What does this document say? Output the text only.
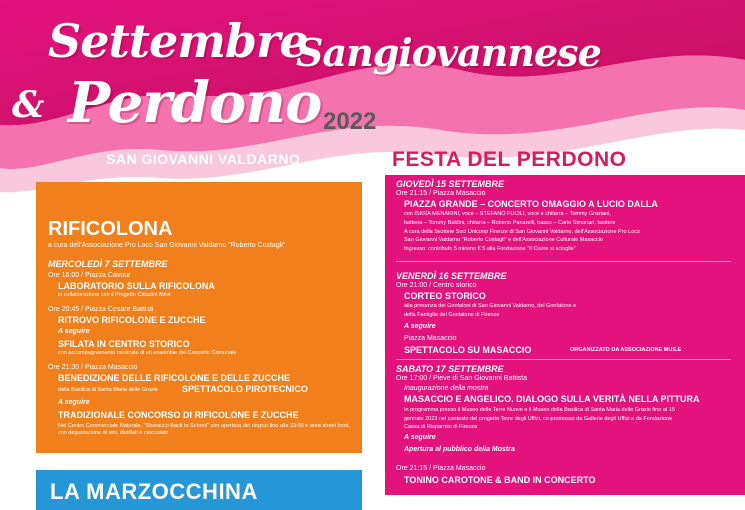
Settembre
Sangiovannese
& Perdono 2022
SAN GIOVANNI VALDARNO
RIFICOLONA
a cura dell'Associazione Pro Loco San Giovanni Valdarno "Roberto Costagli"
MERCOLEDÌ 7 SETTEMBRE
Ore 16:00 / Piazza Cavour
LABORATORIO SULLA RIFICOLONA
in collaborazione con il Progetto Cittadini Attivi
Ore 20:45 / Piazza Cesare Battisti
RITROVO RIFICOLONE E ZUCCHE
A seguire
SFILATA IN CENTRO STORICO
con accompagnamento musicale di un ensemble del Concerto Comunale
Ore 21:30 / Piazza Masaccio
BENEDIZIONE DELLE RIFICOLONE E DELLE ZUCCHE
dalla Basilica di Santa Maria delle Grazie	SPETTACOLO PIROTECNICO
A seguire
TRADIZIONALE CONCORSO DI RIFICOLONE E ZUCCHE
Nel Centro Commerciale Naturale, "Sbaracco Back to School" con apertura dei negozi fino alle 23:00 e area street food, con degustazione di vini, distillati e cioccolato
LA MARZOCCHINA
FESTA DEL PERDONO
GIOVEDÌ 15 SETTEMBRE
Ore 21:15 / Piazza Masaccio
PIAZZA GRANDE – CONCERTO OMAGGIO A LUCIO DALLA
con ISKRA MENARINI, voce – STEFANO FUCILI, voce e chitarra – Tommy Graziani,
batteria – Tommy Baldini, chitarra – Roberto Panarelli, basso – Carlo Simonari, tastiere
A cura della Sezione Soci Unicoop Firenze di San Giovanni Valdarno, dell'Associazione Pro Loco
San Giovanni Valdarno "Roberto Costagli" e dell'Associazione Culturale Masaccio
Ingresso: contributo 5 minimo € 5 alla Fondazione "Il Cuore si scioglie"
VENERDÌ 16 SETTEMBRE
Ore 21:00 / Centro storico
CORTEO STORICO
alla presenza dei Gonfaloni di San Giovanni Valdarno, del Gonfalone e
della Famiglia del Gonfalone di Firenze
A seguire
Piazza Masaccio
SPETTACOLO SU MASACCIO	ORGANIZZATO DA ASSOCIAZIONE MUS.E
SABATO 17 SETTEMBRE
Ore 17:00 / Pieve di San Giovanni Battista
Inaugurazione della mostra
MASACCIO E ANGELICO. DIALOGO SULLA VERITÀ NELLA PITTURA
In programma presso il Museo delle Terre Nuove e il Museo della Basilica di Santa Maria delle Grazie fino al 15
gennaio 2023 nel contesto del progetto Terre degli Uffizi, co-promosso da Gallerie degli Uffizi e da Fondazione
Cassa di Risparmio di Firenze
A seguire
Apertura al pubblico della Mostra
Ore 21:15 / Piazza Masaccio
TONINO CAROTONE & BAND IN CONCERTO
